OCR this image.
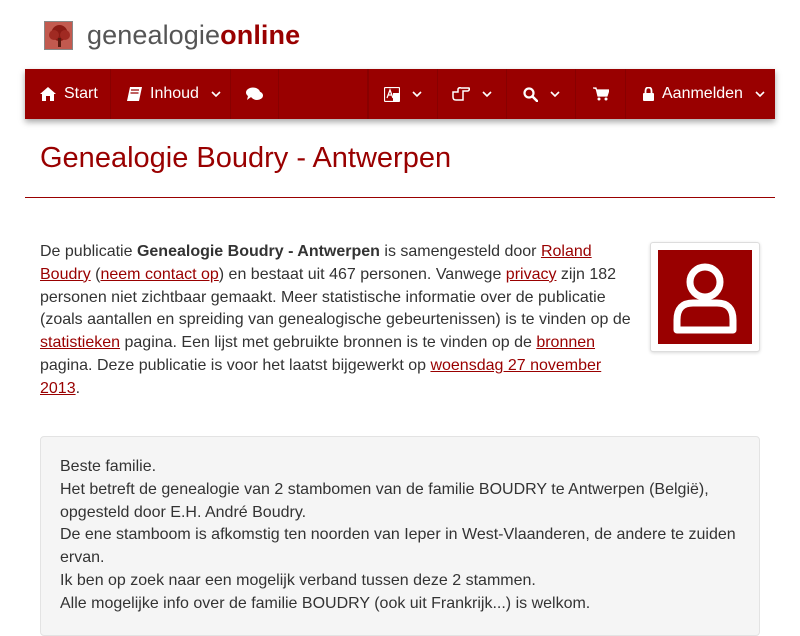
genealogieonline
Start	Inhoud	Aanmelden
Genealogie Boudry - Antwerpen
De publicatie Genealogie Boudry - Antwerpen is samengesteld door Roland Boudry (neem contact op) en bestaat uit 467 personen. Vanwege privacy zijn 182 personen niet zichtbaar gemaakt. Meer statistische informatie over de publicatie (zoals aantallen en spreiding van genealogische gebeurtenissen) is te vinden op de statistieken pagina. Een lijst met gebruikte bronnen is te vinden op de bronnen pagina. Deze publicatie is voor het laatst bijgewerkt op woensdag 27 november 2013.

Beste familie.

Het betreft de genealogie van 2 stambomen van de familie BOUDRY te Antwerpen (België), opgesteld door E.H. André Boudry.

De ene stamboom is afkomstig ten noorden van Ieper in West-Vlaanderen, de andere te zuiden ervan.

Ik ben op zoek naar een mogelijk verband tussen deze 2 stammen.

Alle mogelijke info over de familie BOUDRY (ook uit Frankrijk...) is welkom.
